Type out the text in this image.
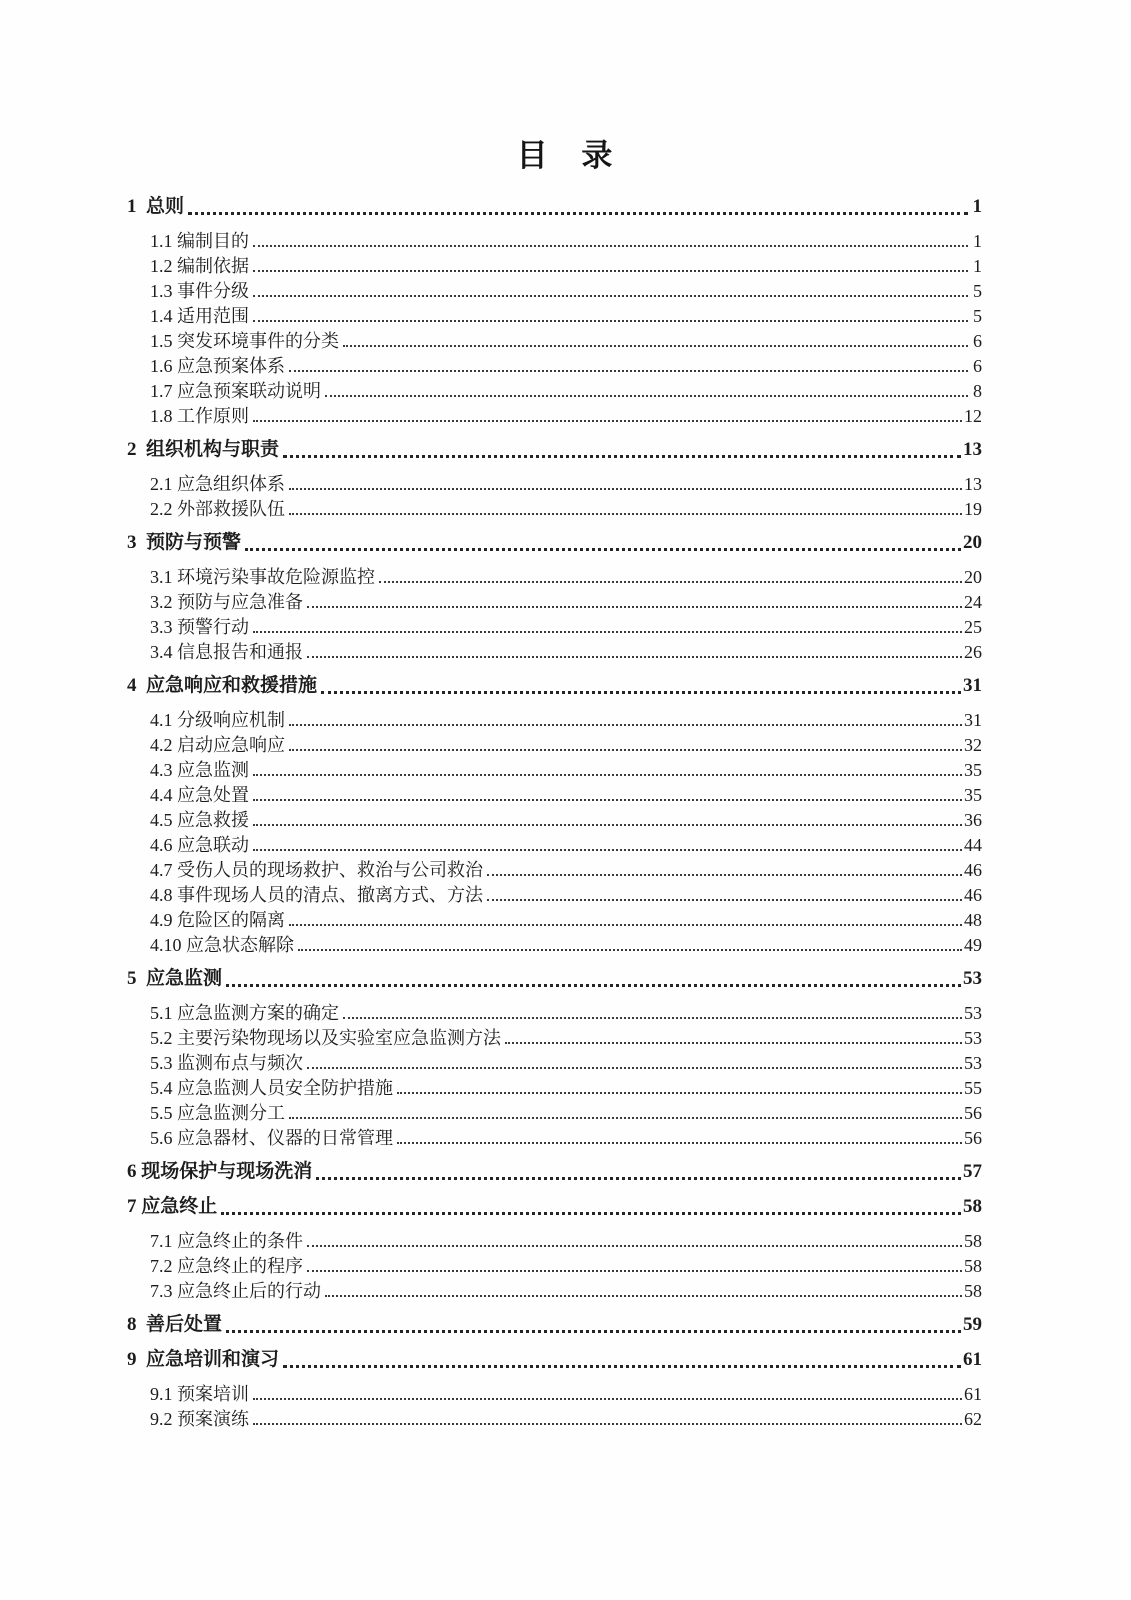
目 录
1  总则	1
1.1 编制目的	1
1.2 编制依据	1
1.3 事件分级	5
1.4 适用范围	5
1.5 突发环境事件的分类	6
1.6 应急预案体系	6
1.7 应急预案联动说明	8
1.8 工作原则	12
2  组织机构与职责	13
2.1 应急组织体系	13
2.2 外部救援队伍	19
3  预防与预警	20
3.1 环境污染事故危险源监控	20
3.2 预防与应急准备	24
3.3 预警行动	25
3.4 信息报告和通报	26
4  应急响应和救援措施	31
4.1 分级响应机制	31
4.2 启动应急响应	32
4.3 应急监测	35
4.4 应急处置	35
4.5 应急救援	36
4.6 应急联动	44
4.7 受伤人员的现场救护、救治与公司救治	46
4.8 事件现场人员的清点、撤离方式、方法	46
4.9 危险区的隔离	48
4.10 应急状态解除	49
5  应急监测	53
5.1 应急监测方案的确定	53
5.2 主要污染物现场以及实验室应急监测方法	53
5.3 监测布点与频次	53
5.4 应急监测人员安全防护措施	55
5.5 应急监测分工	56
5.6 应急器材、仪器的日常管理	56
6 现场保护与现场洗消	57
7 应急终止	58
7.1 应急终止的条件	58
7.2 应急终止的程序	58
7.3 应急终止后的行动	58
8  善后处置	59
9  应急培训和演习	61
9.1 预案培训	61
9.2 预案演练	62
